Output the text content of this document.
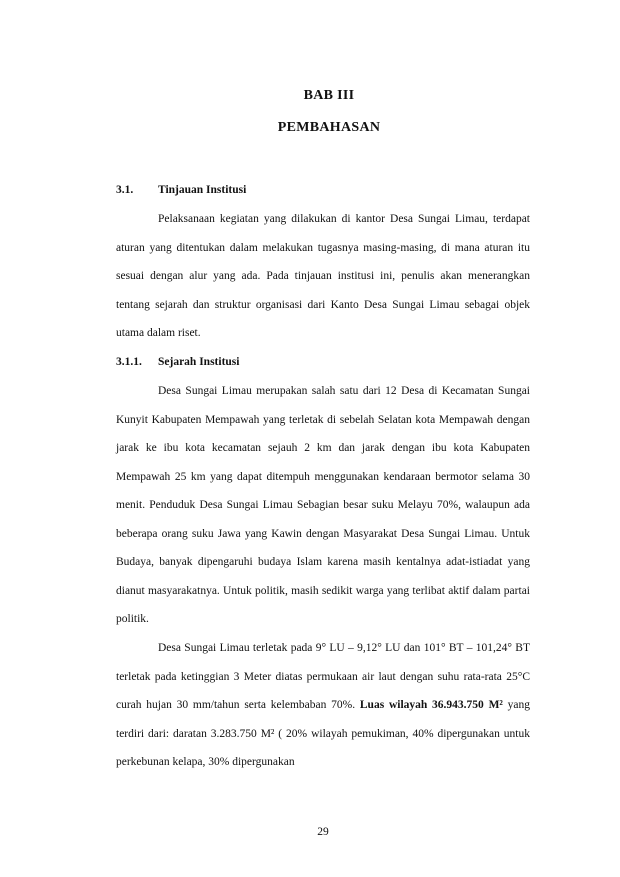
BAB III
PEMBAHASAN
3.1. Tinjauan Institusi

Pelaksanaan kegiatan yang dilakukan di kantor Desa Sungai Limau, terdapat aturan yang ditentukan dalam melakukan tugasnya masing-masing, di mana aturan itu sesuai dengan alur yang ada. Pada tinjauan institusi ini, penulis akan menerangkan tentang sejarah dan struktur organisasi dari Kanto Desa Sungai Limau sebagai objek utama dalam riset.

3.1.1. Sejarah Institusi

Desa Sungai Limau merupakan salah satu dari 12 Desa di Kecamatan Sungai Kunyit Kabupaten Mempawah yang terletak di sebelah Selatan kota Mempawah dengan jarak ke ibu kota kecamatan sejauh 2 km dan jarak dengan ibu kota Kabupaten Mempawah 25 km yang dapat ditempuh menggunakan kendaraan bermotor selama 30 menit. Penduduk Desa Sungai Limau Sebagian besar suku Melayu 70%, walaupun ada beberapa orang suku Jawa yang Kawin dengan Masyarakat Desa Sungai Limau. Untuk Budaya, banyak dipengaruhi budaya Islam karena masih kentalnya adat-istiadat yang dianut masyarakatnya. Untuk politik, masih sedikit warga yang terlibat aktif dalam partai politik.

Desa Sungai Limau terletak pada 9° LU – 9,12° LU dan 101° BT – 101,24° BT terletak pada ketinggian 3 Meter diatas permukaan air laut dengan suhu rata-rata 25°C curah hujan 30 mm/tahun serta kelembaban 70%. Luas wilayah 36.943.750 M² yang terdiri dari: daratan 3.283.750 M² ( 20% wilayah pemukiman, 40% dipergunakan untuk perkebunan kelapa, 30% dipergunakan

29
